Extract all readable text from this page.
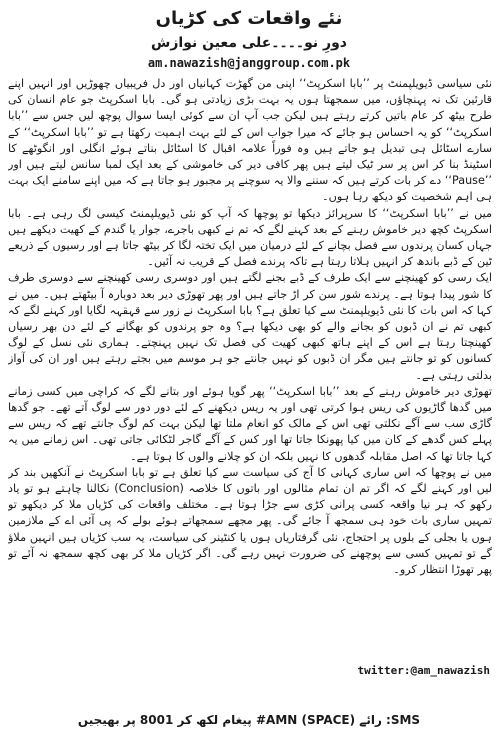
نئے واقعات کی کڑیاں
دورِ نو۔۔۔۔علی معین نوازش
am.nawazish@janggroup.com.pk

نئی سیاسی ڈیویلپمنٹ پر ’’بابا اسکرپٹ‘‘ اپنی من گھڑت کہانیاں اور دل فریبیاں چھوڑیں اور انہیں اپنے قارئین تک نہ پہنچاؤں، میں سمجھتا ہوں یہ بہت بڑی زیادتی ہو گی۔ بابا اسکرپٹ جو عام انسان کی طرح بیٹھ کر عام باتیں کرتے رہتے ہیں لیکن جب آپ ان سے کوئی ایسا سوال پوچھ لیں جس سے ’’بابا اسکرپٹ‘‘ کو یہ احساس ہو جائے کہ میرا جواب اس کے لئے بہت اہمیت رکھتا ہے تو ’’بابا اسکرپٹ‘‘ کے سارے اسٹائل ہی تبدیل ہو جاتے ہیں وہ فوراً علامہ اقبال کا اسٹائل بناتے ہوئے انگلی اور انگوٹھے کا اسٹینڈ بنا کر اس پر سر ٹیک لیتے ہیں پھر کافی دیر کی خاموشی کے بعد ایک لمبا سانس لیتے ہیں اور ’’Pause‘‘ دے کر بات کرتے ہیں کہ سننے والا یہ سوچنے پر مجبور ہو جاتا ہے کہ میں اپنے سامنے ایک بہت ہی اہم شخصیت کو دیکھ رہا ہوں۔

میں نے ’’بابا اسکرپٹ‘‘ کا سرپرائز دیکھا تو پوچھا کہ آپ کو نئی ڈیویلپمنٹ کیسی لگ رہی ہے۔ بابا اسکرپٹ کچھ دیر خاموش رہنے کے بعد کہنے لگے کہ تم نے کبھی باجرے، جوار یا گندم کے کھیت دیکھے ہیں جہاں کسان پرندوں سے فصل بچانے کے لئے درمیان میں ایک تختہ لگا کر بیٹھ جاتا ہے اور رسیوں کے ذریعے ٹین کے ڈبے باندھ کر انہیں ہلاتا رہتا ہے تاکہ پرندے فصل کے قریب نہ آئیں۔

ایک رسی کو کھینچنے سے ایک طرف کے ڈبے بجنے لگتے ہیں اور دوسری رسی کھینچنے سے دوسری طرف کا شور پیدا ہوتا ہے۔ پرندے شور سن کر اڑ جاتے ہیں اور پھر تھوڑی دیر بعد دوبارہ آ بیٹھتے ہیں۔ میں نے کہا کہ اس بات کا نئی ڈیویلپمنٹ سے کیا تعلق ہے؟ بابا اسکرپٹ نے زور سے قہقہہ لگایا اور کہنے لگے کہ کبھی تم نے ان ڈبوں کو بجانے والے کو بھی دیکھا ہے؟ وہ جو پرندوں کو بھگانے کے لئے دن بھر رسیاں کھینچتا رہتا ہے اس کے اپنے ہاتھ کبھی کھیت کی فصل تک نہیں پہنچتے۔ ہماری نئی نسل کے لوگ کسانوں کو تو جانتے ہیں مگر ان ڈبوں کو نہیں جانتے جو ہر موسم میں بجتے رہتے ہیں اور ان کی آواز بدلتی رہتی ہے۔

تھوڑی دیر خاموش رہنے کے بعد ’’بابا اسکرپٹ‘‘ پھر گویا ہوئے اور بتانے لگے کہ کراچی میں کسی زمانے میں گدھا گاڑیوں کی ریس ہوا کرتی تھی اور یہ ریس دیکھنے کے لئے دور دور سے لوگ آتے تھے۔ جو گدھا گاڑی سب سے آگے نکلتی تھی اس کے مالک کو انعام ملتا تھا لیکن بہت کم لوگ جانتے تھے کہ ریس سے پہلے کس گدھے کے کان میں کیا پھونکا جاتا تھا اور کس کے آگے گاجر لٹکائی جاتی تھی۔ اس زمانے میں یہ کہا جاتا تھا کہ اصل مقابلہ گدھوں کا نہیں بلکہ ان کو چلانے والوں کا ہوتا ہے۔

میں نے پوچھا کہ اس ساری کہانی کا آج کی سیاست سے کیا تعلق ہے تو بابا اسکرپٹ نے آنکھیں بند کر لیں اور کہنے لگے کہ اگر تم ان تمام مثالوں اور باتوں کا خلاصہ (Conclusion) نکالنا چاہتے ہو تو یاد رکھو کہ ہر نیا واقعہ کسی پرانی کڑی سے جڑا ہوتا ہے۔ مختلف واقعات کی کڑیاں ملا کر دیکھو تو تمہیں ساری بات خود ہی سمجھ آ جائے گی۔ پھر مجھے سمجھاتے ہوئے بولے کہ پی آئی اے کے ملازمین ہوں یا بجلی کے بلوں پر احتجاج، نئی گرفتاریاں ہوں یا کنٹینر کی سیاست، یہ سب کڑیاں ہیں انہیں ملاؤ گے تو تمہیں کسی سے پوچھنے کی ضرورت نہیں رہے گی۔ اگر کڑیاں ملا کر بھی کچھ سمجھ نہ آئے تو پھر تھوڑا انتظار کرو۔

twitter:@am_nawazish
SMS: رائے (SPACE) AMN# پیغام لکھ کر 8001 پر بھیجیں
